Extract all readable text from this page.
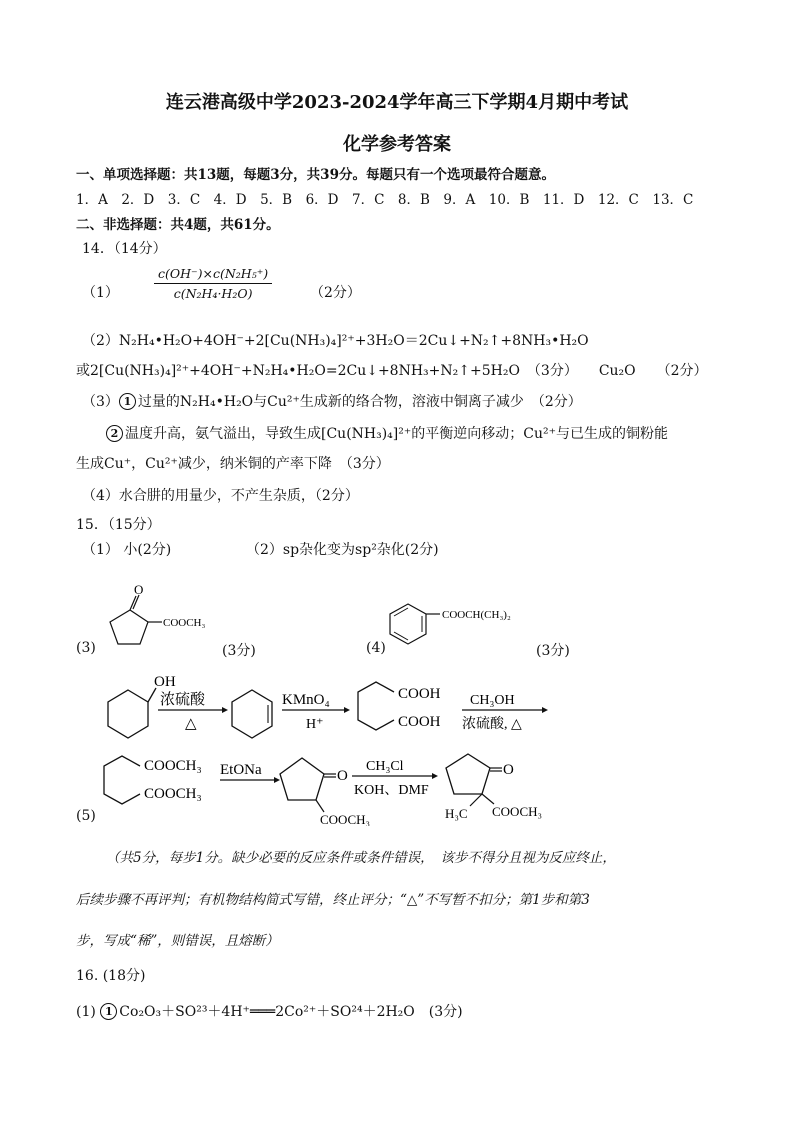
连云港高级中学2023-2024学年高三下学期4月期中考试
化学参考答案
一、单项选择题：共13题，每题3分，共39分。每题只有一个选项最符合题意。
1．A　2．D　3．C　4．D　5．B　6．D　7．C　8．B　9．A　10．B　11．D　12．C　13．C
二、非选择题：共4题，共61分。
14．（14分）
（1）	$\frac{\text{c(OH⁻)×c(N₂H₅⁺)}}{\text{c(N₂H₄·H₂O)}}$	（2分）
（2）N₂H₄•H₂O+4OH⁻+2[Cu(NH₃)₄]²⁺+3H₂O＝2Cu↓+N₂↑+8NH₃•H₂O
或2[Cu(NH₃)₄]²⁺+4OH⁻+N₂H₄•H₂O=2Cu↓+8NH₃+N₂↑+5H₂O　（3分）　　Cu₂O　　（2分）
（3） 1 过量的N₂H₄•H₂O与Cu²⁺生成新的络合物，溶液中铜离子减少　（2分）
2 温度升高，氨气溢出，导致生成[Cu(NH₃)₄]²⁺的平衡逆向移动；Cu²⁺与已生成的铜粉能
生成Cu⁺，Cu²⁺减少，纳米铜的产率下降　（3分）
（4）水合肼的用量少，不产生杂质，（2分）
15．（15分）
（1） 小(2分)	（2）sp杂化变为sp²杂化(2分)
O
COOCH₃
(3)	(3分)
COOCH(CH₃)₂
(4)	(3分)
OH
浓硫酸
△
KMnO₄
H⁺
COOH
COOH
CH₃OH
浓硫酸, △
COOCH₃
COOCH₃
EtONa	O
COOCH₃
CH₃Cl
KOH、DMF
O
H₃C COOCH₃
(5)
（共5分，每步1分。缺少必要的反应条件或条件错误，　该步不得分且视为反应终止，
后续步骤不再评判；有机物结构简式写错，终止评分；“△”不写暂不扣分；第1步和第3
步，写成“稀”，则错误，且熔断）
16. (18分)
(1) 1 Co₂O₃＋SO²³＋4H⁺═══2Co²⁺＋SO²⁴＋2H₂O　(3分)
